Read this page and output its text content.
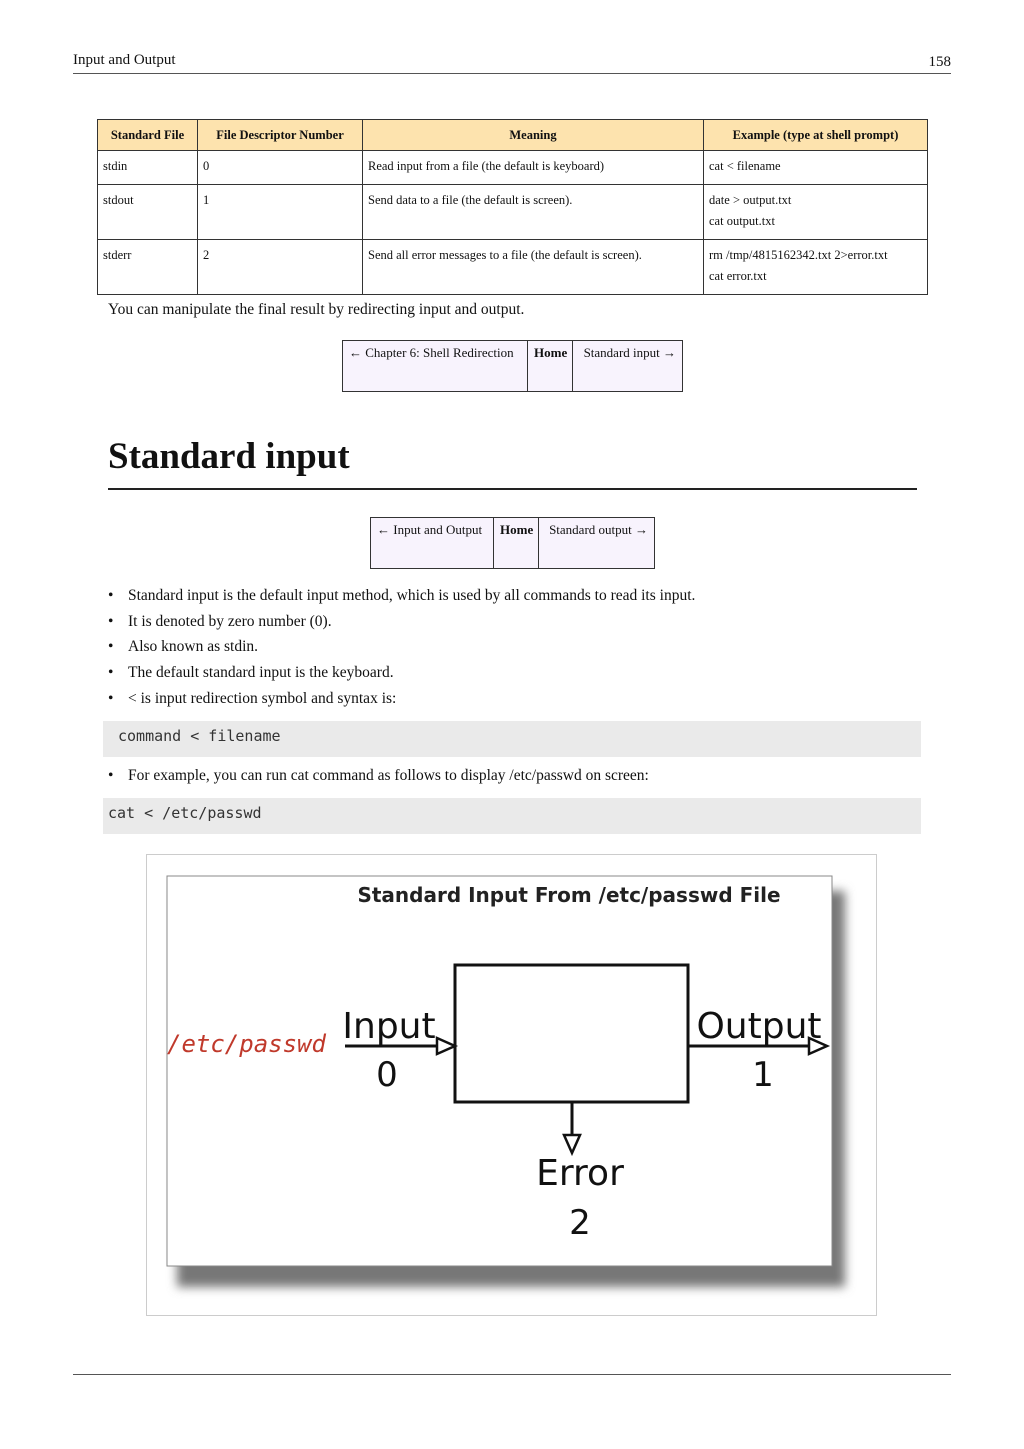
Input and Output	158
Standard File	File Descriptor Number	Meaning	Example (type at shell prompt)
stdin	0	Read input from a file (the default is keyboard)	cat < filename

stdout	1	Send data to a file (the default is screen).	date > output.txt
cat output.txt

stderr	2	Send all error messages to a file (the default is screen).	rm /tmp/4815162342.txt 2>error.txt
cat error.txt

You can manipulate the final result by redirecting input and output.

← Chapter 6: Shell Redirection	Home	Standard input →
Standard input
← Input and Output	Home	Standard output →
• Standard input is the default input method, which is used by all commands to read its input.
• It is denoted by zero number (0).
• Also known as stdin.
• The default standard input is the keyboard.
• < is input redirection symbol and syntax is:
command < filename
• For example, you can run cat command as follows to display /etc/passwd on screen:
cat < /etc/passwd
Standard Input From /etc/passwd File
/etc/passwd Input
0
Output
1
Error
2
